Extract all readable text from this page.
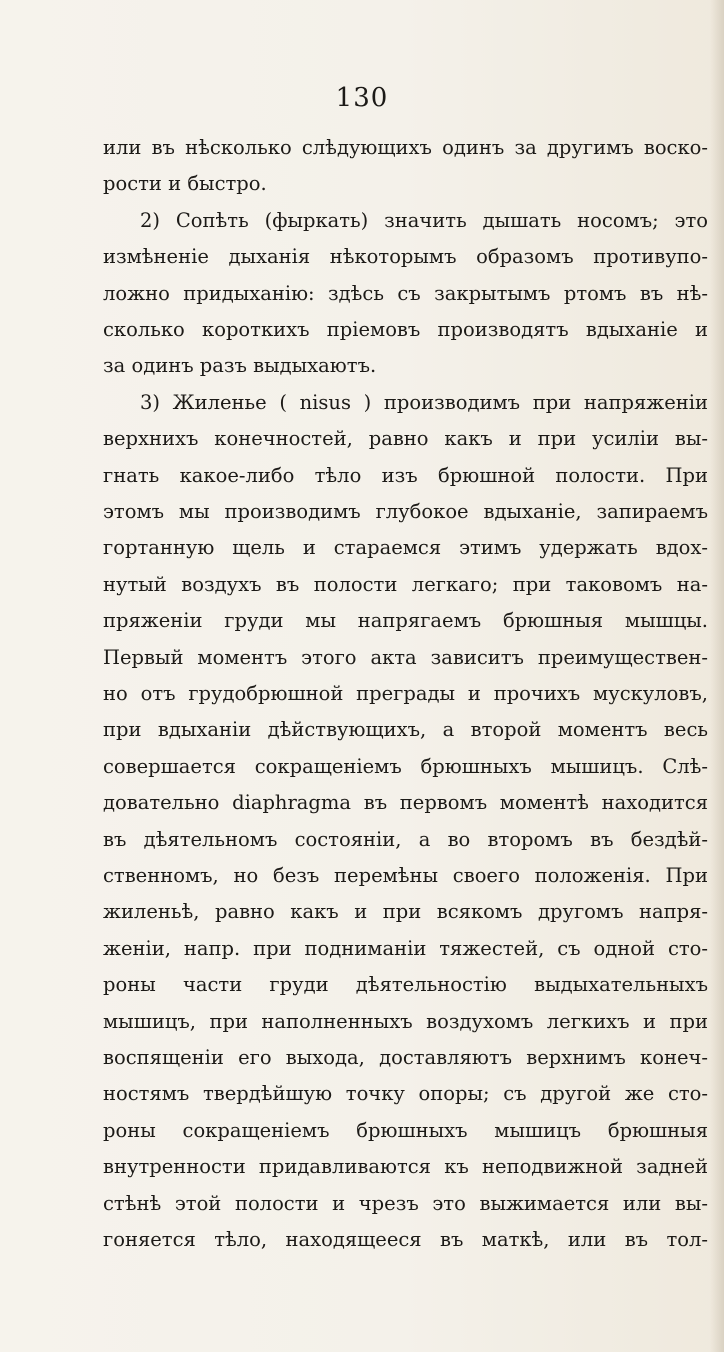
130
или въ нѣсколько слѣдующихъ одинъ за другимъ воско-
рости и быстро.
2) Сопѣть (фыркать) значить дышать носомъ; это
измѣненіе дыханія нѣкоторымъ образомъ противупо-
ложно придыханію: здѣсь съ закрытымъ ртомъ въ нѣ-
сколько короткихъ пріемовъ производятъ вдыханіе и
за одинъ разъ выдыхаютъ.
3) Жиленье ( nisus ) производимъ при напряженіи
верхнихъ конечностей, равно какъ и при усиліи вы-
гнать какое-либо тѣло изъ брюшной полости. При
этомъ мы производимъ глубокое вдыханіе, запираемъ
гортанную щель и стараемся этимъ удержать вдох-
нутый воздухъ въ полости легкаго; при таковомъ на-
пряженіи груди мы напрягаемъ брюшныя мышцы.
Первый моментъ этого акта зависитъ преимуществен-
но отъ грудобрюшной преграды и прочихъ мускуловъ,
при вдыханіи дѣйствующихъ, а второй моментъ весь
совершается сокращеніемъ брюшныхъ мышицъ. Слѣ-
довательно diaphragma въ первомъ моментѣ находится
въ дѣятельномъ состояніи, а во второмъ въ бездѣй-
ственномъ, но безъ перемѣны своего положенія. При
жиленьѣ, равно какъ и при всякомъ другомъ напря-
женіи, напр. при подниманіи тяжестей, съ одной сто-
роны части груди дѣятельностію выдыхательныхъ
мышицъ, при наполненныхъ воздухомъ легкихъ и при
воспященіи его выхода, доставляютъ верхнимъ конеч-
ностямъ твердѣйшую точку опоры; съ другой же сто-
роны сокращеніемъ брюшныхъ мышицъ брюшныя
внутренности придавливаются къ неподвижной задней
стѣнѣ этой полости и чрезъ это выжимается или вы-
гоняется тѣло, находящееся въ маткѣ, или въ тол-
